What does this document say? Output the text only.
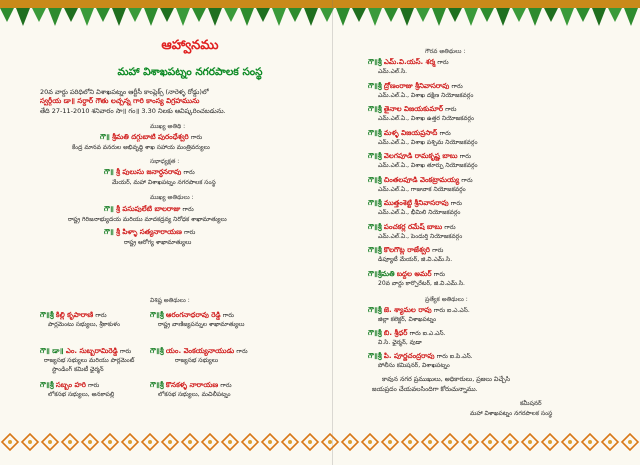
ఆహ్వానము
మహా విశాఖపట్నం నగరపాలక సంస్థ
20వ వార్డు పరిధిలోని విశాఖపట్నం ఆర్టీసీ కాంప్లెక్స్ (నారెళ్ళ రోడ్డు)లో
స్వర్గీయ డా॥ సర్దార్ గౌతు లచ్చన్న గారి కాంస్య విగ్రహమును
తేది 27-11-2010 శనివారం సా॥ గం॥ 3.30 నిలకు ఆవిష్కరించబడును.
ముఖ్య అతిథి :
గౌ॥ శ్రీమతి దగ్గుబాటి పురంధేశ్వరి గారు
కేంద్ర మానవ వనరుల అభివృద్ధి శాఖ సహాయ మంత్రివర్యులు
సభాధ్యక్షత :
గౌ॥ శ్రీ పులుసు జనార్ధనరావు గారు
మేయర్, మహా విశాఖపట్నం నగరపాలక సంస్థ
ముఖ్య అతిథులు :
గౌ॥ శ్రీ పసుపులేటి బాలరాజు గారు
రాష్ట్ర గిరిజనాభ్యుదయ మరియు మాదకద్రవ్య నిరోధక శాఖామాత్యులు
గౌ॥ శ్రీ పిళ్ళా సత్యనారాయణ గారు
రాష్ట్ర ఆరోగ్య శాఖామాత్యులు
విశిష్ట అతిథులు :
గౌ॥శ్రీ కిల్లి కృపారాణి గారు
పార్లమెంటు సభ్యులు, శ్రీకాకుళం
గౌ॥శ్రీ ఆరంగనాధరావు రెడ్డి గారు
రాష్ట్ర వాణిజ్యపన్నుల శాఖామాత్యులు
గౌ॥ డా॥ ఎం. సుబ్బరామిరెడ్డి గారు
రాజ్యసభ సభ్యులు మరియు పార్లమెంట్
స్టాండింగ్ కమిటీ ఛైర్మన్
గౌ॥శ్రీ యం. వెంకయ్యనాయుడు గారు
రాజ్యసభ సభ్యులు
గౌ॥శ్రీ సబ్బం హరి గారు
లోకసభ సభ్యులు, అనకాపల్లి
గౌ॥శ్రీ కొనకళ్ళ నారాయణ గారు
లోకసభ సభ్యులు, మచిలీపట్నం
గౌరవ అతిథులు :
ప్రత్యేక అతిథులు :
కావున నగర ప్రముఖులు, అధికారులు, ప్రజలు విచ్చేసి
జయప్రదం చేయవలసిందిగా కోరుచున్నాము.
కమీషనర్
మహా విశాఖపట్నం నగరపాలక సంస్థ
గౌ॥శ్రీ ఎమ్.వి.యస్. శర్మ గారు
ఎమ్.ఎల్.సి.
గౌ॥శ్రీ ద్రోణంరాజు శ్రీనివాసరావు గారు
ఎమ్.ఎల్.ఏ., విశాఖ దక్షిణ నియోజకవర్గం
గౌ॥శ్రీ తైనాల విజయకుమార్ గారు
ఎమ్.ఎల్.ఏ., విశాఖ ఉత్తర నియోజకవర్గం
గౌ॥శ్రీ మళ్ళ విజయప్రసాద్ గారు
ఎమ్.ఎల్.ఏ., విశాఖ పశ్చిమ నియోజకవర్గం
గౌ॥శ్రీ వెలగపూడి రామకృష్ణ బాబు గారు
ఎమ్.ఎల్.ఏ., విశాఖ తూర్పు నియోజకవర్గం
గౌ॥శ్రీ చింతలపూడి వెంకట్రామయ్య గారు
ఎమ్.ఎల్.ఏ., గాజువాక నియోజకవర్గం
గౌ॥శ్రీ ముత్తంశెట్టి శ్రీనివాసరావు గారు
ఎమ్.ఎల్.ఏ., భీమిలి నియోజకవర్గం
గౌ॥శ్రీ పంచకర్ల రమేష్ బాబు గారు
ఎమ్.ఎల్.ఏ., పెందుర్తి నియోజకవర్గం
గౌ॥శ్రీ కొలగొట్ల రాజేశ్వరి గారు
డిప్యూటీ మేయర్, జి.వి.ఎమ్.సి.
గౌ॥శ్రీమతి బద్దల అమర్ గారు
20వ వార్డు కార్పొరేటర్, జి.వి.ఎమ్.సి.
గౌ॥శ్రీ జె. శ్యామల రావు గారు ఐ.ఎ.ఎస్.
జిల్లా కలెక్టర్, విశాఖపట్నం
గౌ॥శ్రీ బి. శ్రీధర్ గారు ఐ.ఎ.ఎస్.
వి.సి. ఛైర్మన్, వుడా
గౌ॥శ్రీ పి. పూర్ణచంద్రరావు గారు ఐ.పి.ఎస్.
పోలీసు కమిషనర్, విశాఖపట్నం
